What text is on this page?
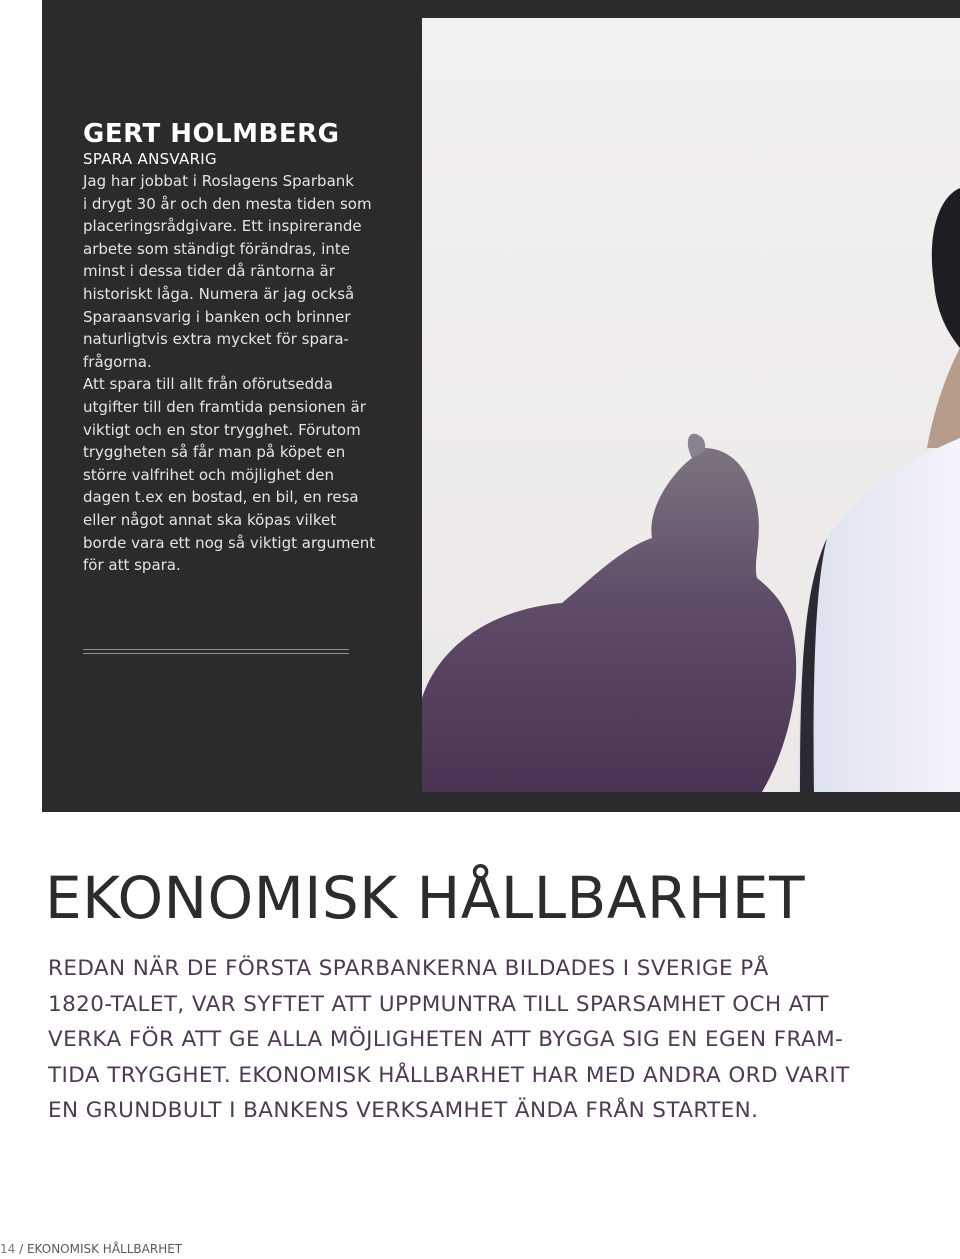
GERT HOLMBERG
SPARA ANSVARIG

Jag har jobbat i Roslagens Sparbank
i drygt 30 år och den mesta tiden som
placeringsrådgivare. Ett inspirerande
arbete som ständigt förändras, inte
minst i dessa tider då räntorna är
historiskt låga. Numera är jag också
Sparaansvarig i banken och brinner
naturligtvis extra mycket för spara-
frågorna.
Att spara till allt från oförutsedda
utgifter till den framtida pensionen är
viktigt och en stor trygghet. Förutom
tryggheten så får man på köpet en
större valfrihet och möjlighet den
dagen t.ex en bostad, en bil, en resa
eller något annat ska köpas vilket
borde vara ett nog så viktigt argument
för att spara.

EKONOMISK HÅLLBARHET

REDAN NÄR DE FÖRSTA SPARBANKERNA BILDADES I SVERIGE PÅ
1820-TALET, VAR SYFTET ATT UPPMUNTRA TILL SPARSAMHET OCH ATT
VERKA FÖR ATT GE ALLA MÖJLIGHETEN ATT BYGGA SIG EN EGEN FRAM-
TIDA TRYGGHET. EKONOMISK HÅLLBARHET HAR MED ANDRA ORD VARIT
EN GRUNDBULT I BANKENS VERKSAMHET ÄNDA FRÅN STARTEN.

14 / EKONOMISK HÅLLBARHET
